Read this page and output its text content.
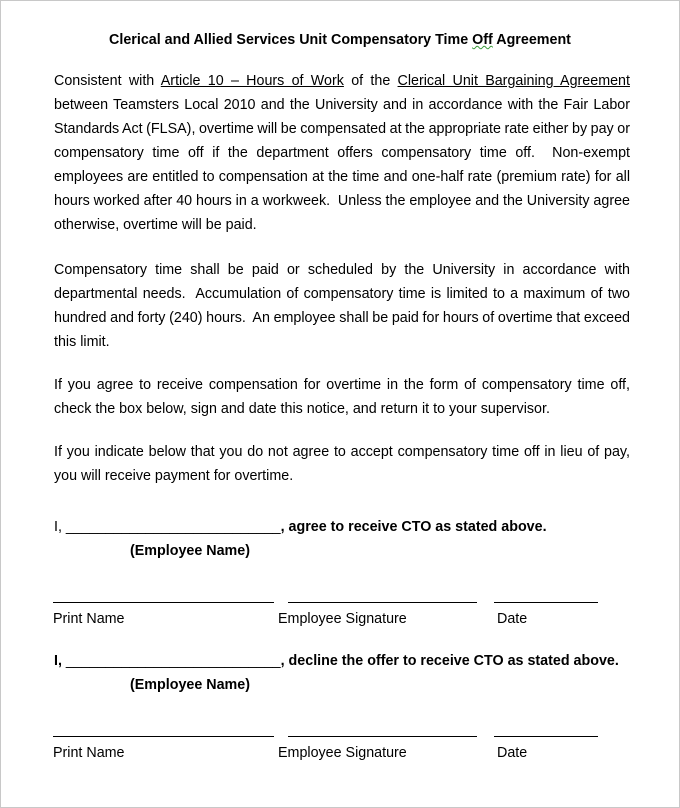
Clerical and Allied Services Unit Compensatory Time Off Agreement
Consistent with Article 10 – Hours of Work of the Clerical Unit Bargaining Agreement
I, ___________________________, agree to receive CTO as stated above.
(Employee Name)
Print Name	Employee Signature	Date
I, ___________________________, decline the offer to receive CTO as stated above.
(Employee Name)
Print Name	Employee Signature	Date
between Teamsters Local 2010 and the University and in accordance with the Fair Labor
Standards Act (FLSA), overtime will be compensated at the appropriate rate either by pay or
compensatory time off if the department offers compensatory time off.  Non-exempt
employees are entitled to compensation at the time and one-half rate (premium rate) for all
hours worked after 40 hours in a workweek.  Unless the employee and the University agree
otherwise, overtime will be paid.
Compensatory time shall be paid or scheduled by the University in accordance with
departmental needs.  Accumulation of compensatory time is limited to a maximum of two
hundred and forty (240) hours.  An employee shall be paid for hours of overtime that exceed
this limit.
If you agree to receive compensation for overtime in the form of compensatory time off,
check the box below, sign and date this notice, and return it to your supervisor.
If you indicate below that you do not agree to accept compensatory time off in lieu of pay,
you will receive payment for overtime.
